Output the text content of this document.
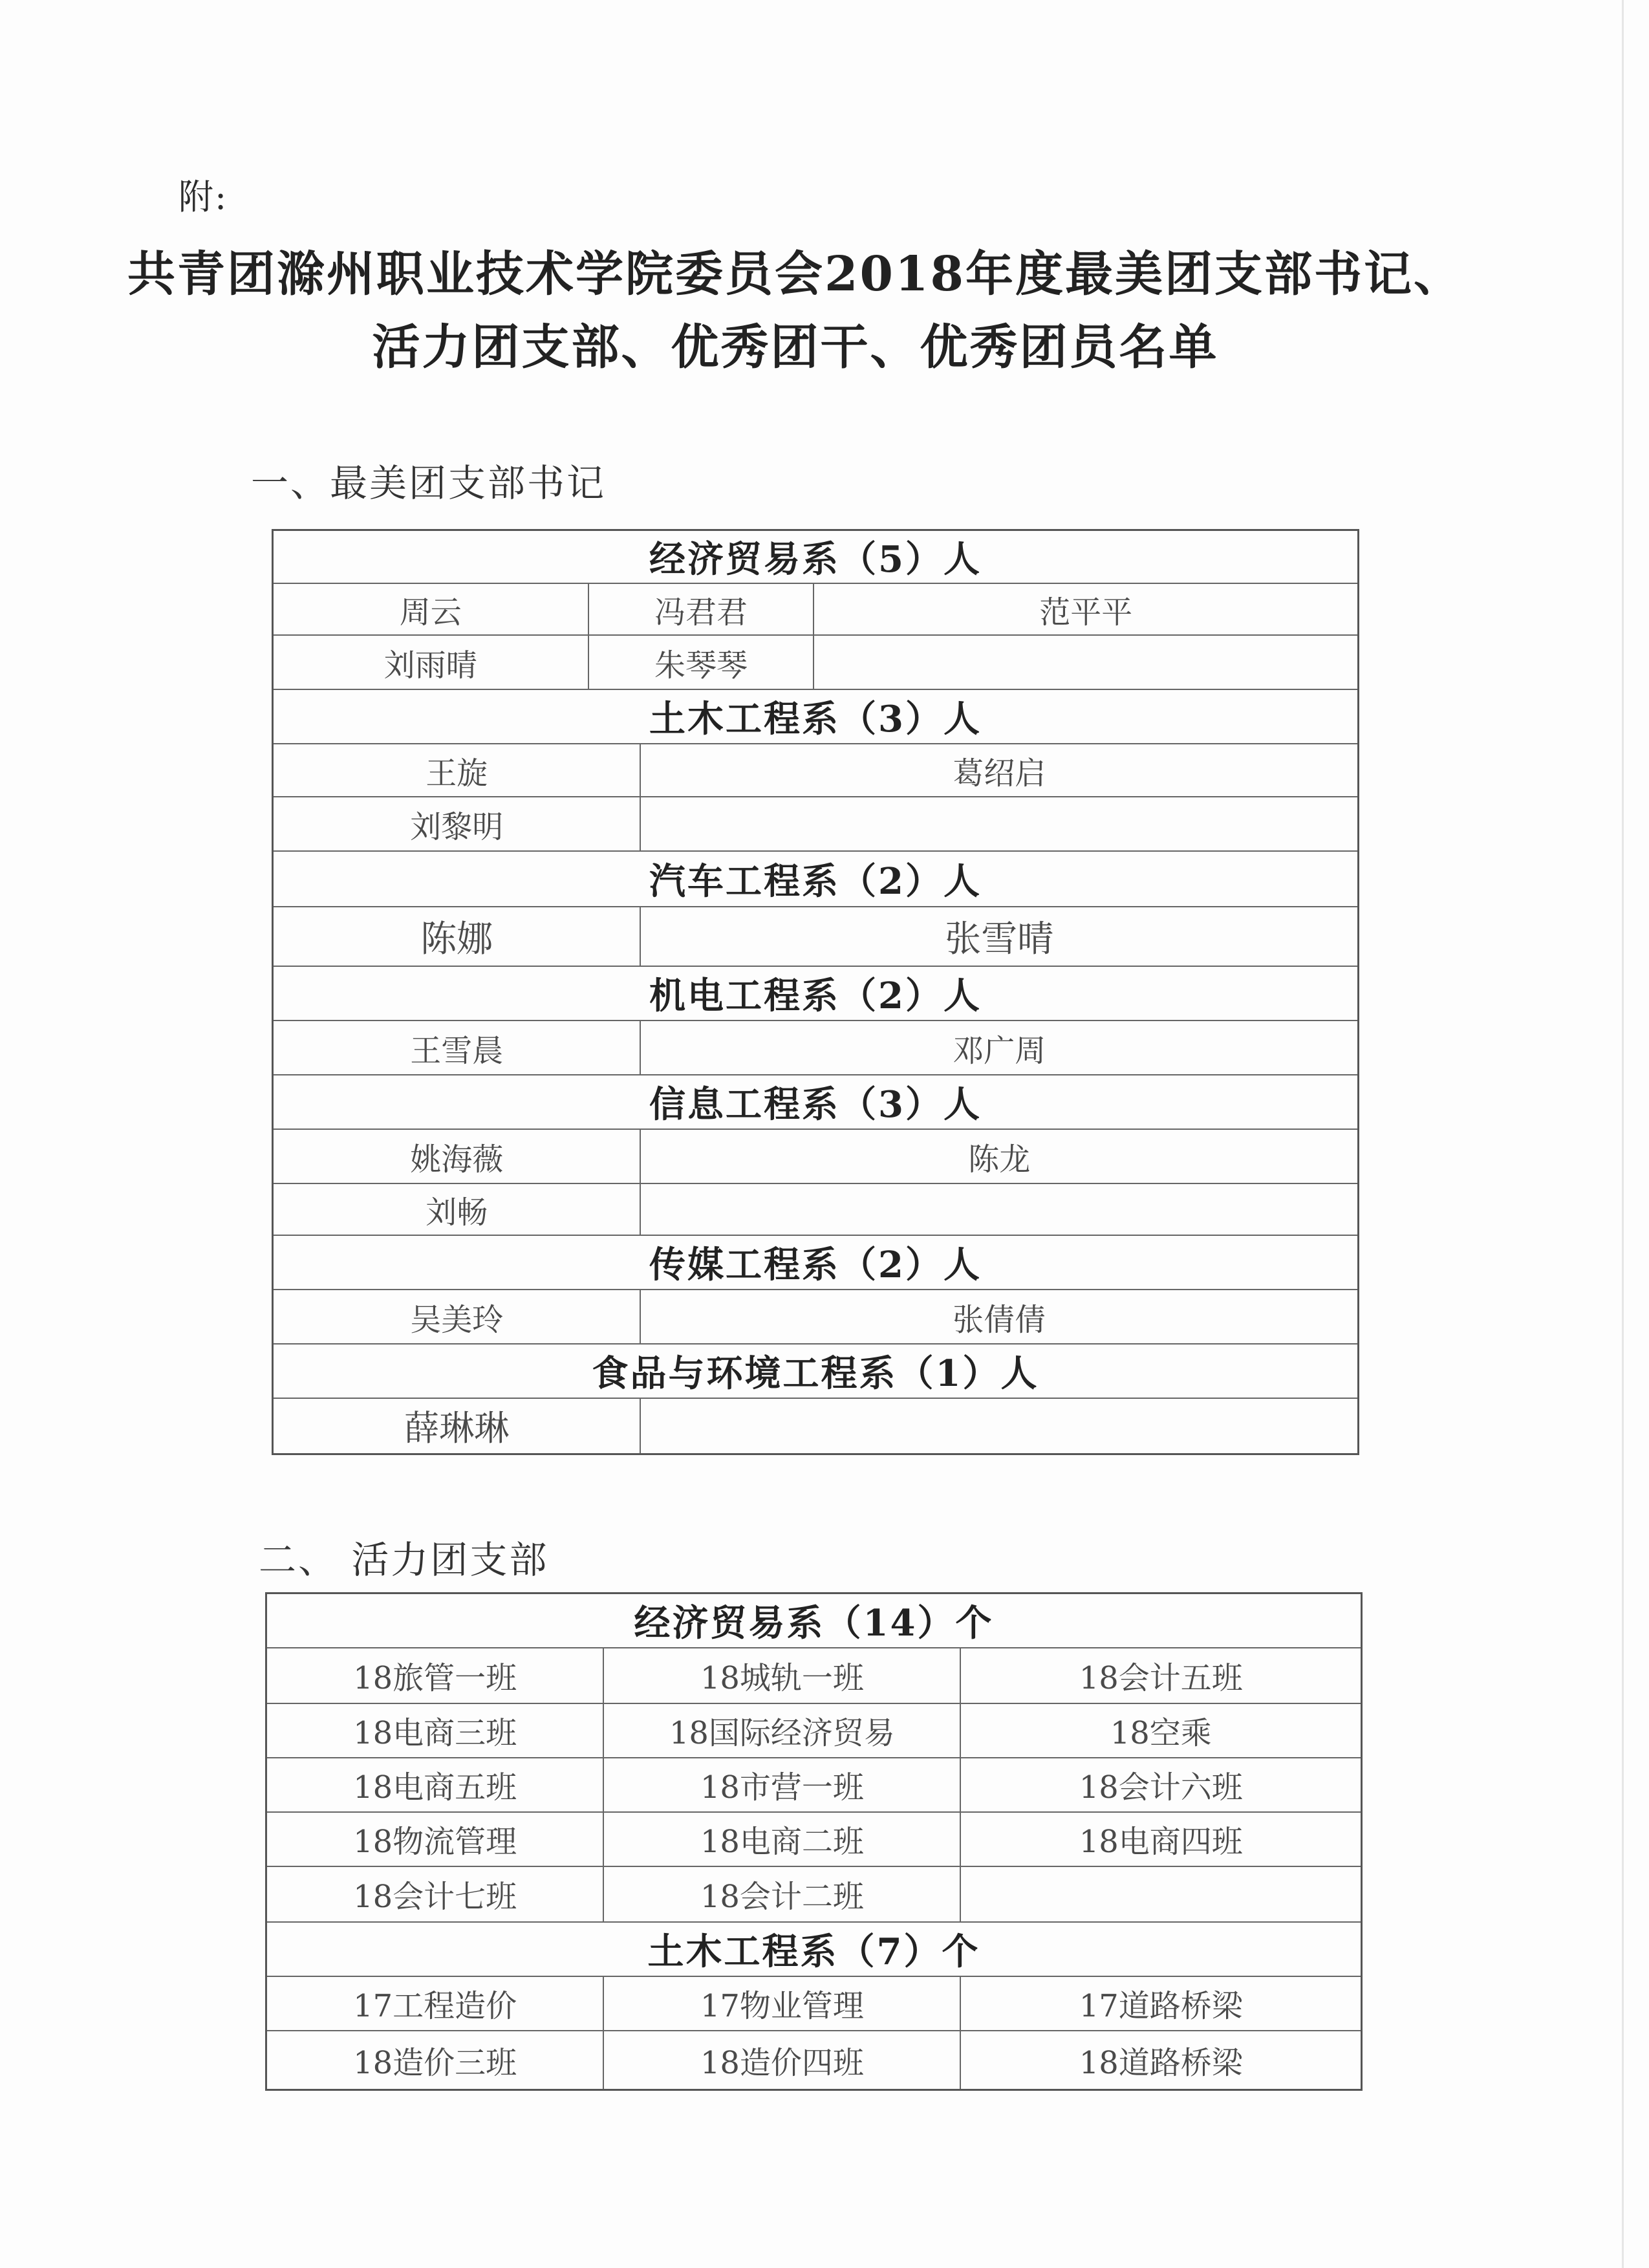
附:
共青团滁州职业技术学院委员会2018年度最美团支部书记、
活力团支部、优秀团干、优秀团员名单
一、最美团支部书记
经济贸易系（5）人			
周云	冯君君		范平平
刘雨晴	朱琴琴		
土木工程系（3）人			
王旋		葛绍启	
刘黎明			
汽车工程系（2）人			
陈娜		张雪晴	
机电工程系（2）人			
王雪晨		邓广周	
信息工程系（3）人			
姚海薇		陈龙	
刘畅			
传媒工程系（2）人			
吴美玲		张倩倩	
食品与环境工程系（1）人			
薛琳琳			
二、 活力团支部
经济贸易系（14）个		
18旅管一班	18城轨一班	18会计五班
18电商三班	18国际经济贸易	18空乘
18电商五班	18市营一班	18会计六班
18物流管理	18电商二班	18电商四班
18会计七班	18会计二班	
土木工程系（7）个		
17工程造价	17物业管理	17道路桥梁
18造价三班	18造价四班	18道路桥梁
